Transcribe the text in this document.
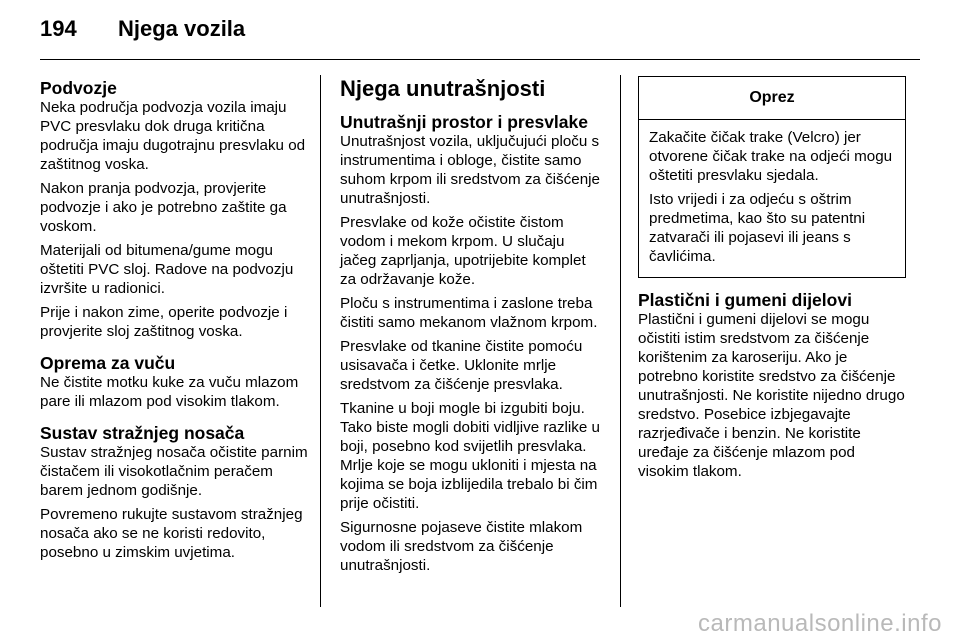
194	Njega vozila
Podvozje

Neka područja podvozja vozila imaju PVC presvlaku dok druga kritična područja imaju dugotrajnu presvlaku od zaštitnog voska.

Nakon pranja podvozja, provjerite podvozje i ako je potrebno zaštite ga voskom.

Materijali od bitumena/gume mogu oštetiti PVC sloj. Radove na podvozju izvršite u radionici.

Prije i nakon zime, operite podvozje i provjerite sloj zaštitnog voska.

Oprema za vuču

Ne čistite motku kuke za vuču mlazom pare ili mlazom pod visokim tlakom.

Sustav stražnjeg nosača

Sustav stražnjeg nosača očistite parnim čistačem ili visokotlačnim peračem barem jednom godišnje.

Povremeno rukujte sustavom stražnjeg nosača ako se ne koristi redovito, posebno u zimskim uvjetima.

Njega unutrašnjosti
Unutrašnji prostor i presvlake

Unutrašnjost vozila, uključujući ploču s instrumentima i obloge, čistite samo suhom krpom ili sredstvom za čišćenje unutrašnjosti.

Presvlake od kože očistite čistom vodom i mekom krpom. U slučaju jačeg zaprljanja, upotrijebite komplet za održavanje kože.

Ploču s instrumentima i zaslone treba čistiti samo mekanom vlažnom krpom.

Presvlake od tkanine čistite pomoću usisavača i četke. Uklonite mrlje sredstvom za čišćenje presvlaka.

Tkanine u boji mogle bi izgubiti boju. Tako biste mogli dobiti vidljive razlike u boji, posebno kod svijetlih presvlaka. Mrlje koje se mogu ukloniti i mjesta na kojima se boja izblijedila trebalo bi čim prije očistiti.

Sigurnosne pojaseve čistite mlakom vodom ili sredstvom za čišćenje unutrašnjosti.

Oprez

Zakačite čičak trake (Velcro) jer otvorene čičak trake na odjeći mogu oštetiti presvlaku sjedala.

Isto vrijedi i za odjeću s oštrim predmetima, kao što su patentni zatvarači ili pojasevi ili jeans s čavlićima.

Plastični i gumeni dijelovi

Plastični i gumeni dijelovi se mogu očistiti istim sredstvom za čišćenje korištenim za karoseriju. Ako je potrebno koristite sredstvo za čišćenje unutrašnjosti. Ne koristite nijedno drugo sredstvo. Posebice izbjegavajte razrjeđivače i benzin. Ne koristite uređaje za čišćenje mlazom pod visokim tlakom.

carmanualsonline.info
